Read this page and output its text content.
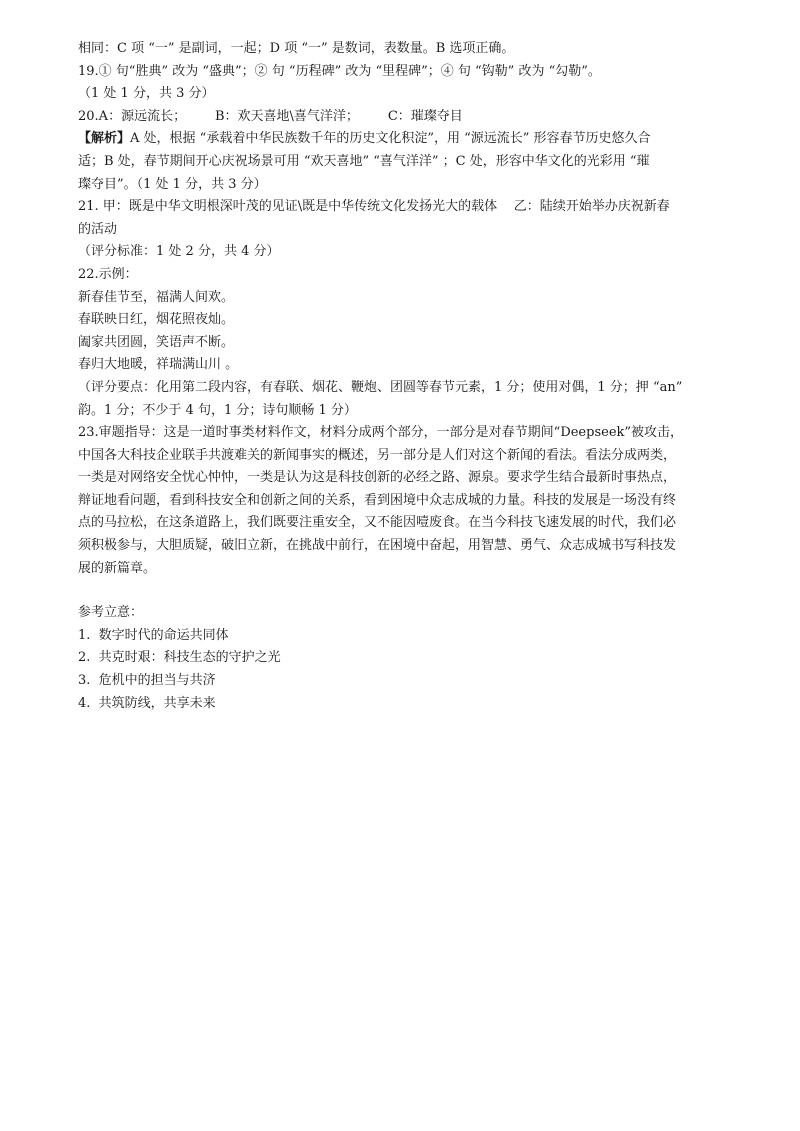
相同：C 项 “一” 是副词，一起；D 项 “一” 是数词，表数量。B 选项正确。
19.① 句“胜典” 改为 “盛典”；② 句 “历程碑” 改为 “里程碑”；④ 句 “钩勒” 改为 “勾勒”。
（1 处 1 分，共 3 分）
20.A：源远流长；       B：欢天喜地\喜气洋洋；       C：璀璨夺目
【解析】A 处，根据 “承载着中华民族数千年的历史文化积淀”，用 “源远流长” 形容春节历史悠久合
适；B 处，春节期间开心庆祝场景可用 “欢天喜地” “喜气洋洋” ；C 处，形容中华文化的光彩用 “璀
璨夺目”。（1 处 1 分，共 3 分）
21. 甲：既是中华文明根深叶茂的见证\既是中华传统文化发扬光大的载体    乙：陆续开始举办庆祝新春
的活动
（评分标准：1 处 2 分，共 4 分）
22.示例：
新春佳节至，福满人间欢。
春联映日红，烟花照夜灿。
阖家共团圆，笑语声不断。
春归大地暖，祥瑞满山川 。
（评分要点：化用第二段内容，有春联、烟花、鞭炮、团圆等春节元素，1 分；使用对偶，1 分；押 “an”
韵。1 分；不少于 4 句，1 分；诗句顺畅 1 分）
23.审题指导：这是一道时事类材料作文，材料分成两个部分，一部分是对春节期间“Deepseek”被攻击，
中国各大科技企业联手共渡难关的新闻事实的概述，另一部分是人们对这个新闻的看法。看法分成两类，
一类是对网络安全忧心忡忡，一类是认为这是科技创新的必经之路、源泉。要求学生结合最新时事热点，
辩证地看问题，看到科技安全和创新之间的关系，看到困境中众志成城的力量。科技的发展是一场没有终
点的马拉松，在这条道路上，我们既要注重安全，又不能因噎废食。在当今科技飞速发展的时代，我们必
须积极参与，大胆质疑，破旧立新，在挑战中前行，在困境中奋起，用智慧、勇气、众志成城书写科技发
展的新篇章。
参考立意：
1.  数字时代的命运共同体
2.  共克时艰：科技生态的守护之光
3.  危机中的担当与共济
4.  共筑防线，共享未来
